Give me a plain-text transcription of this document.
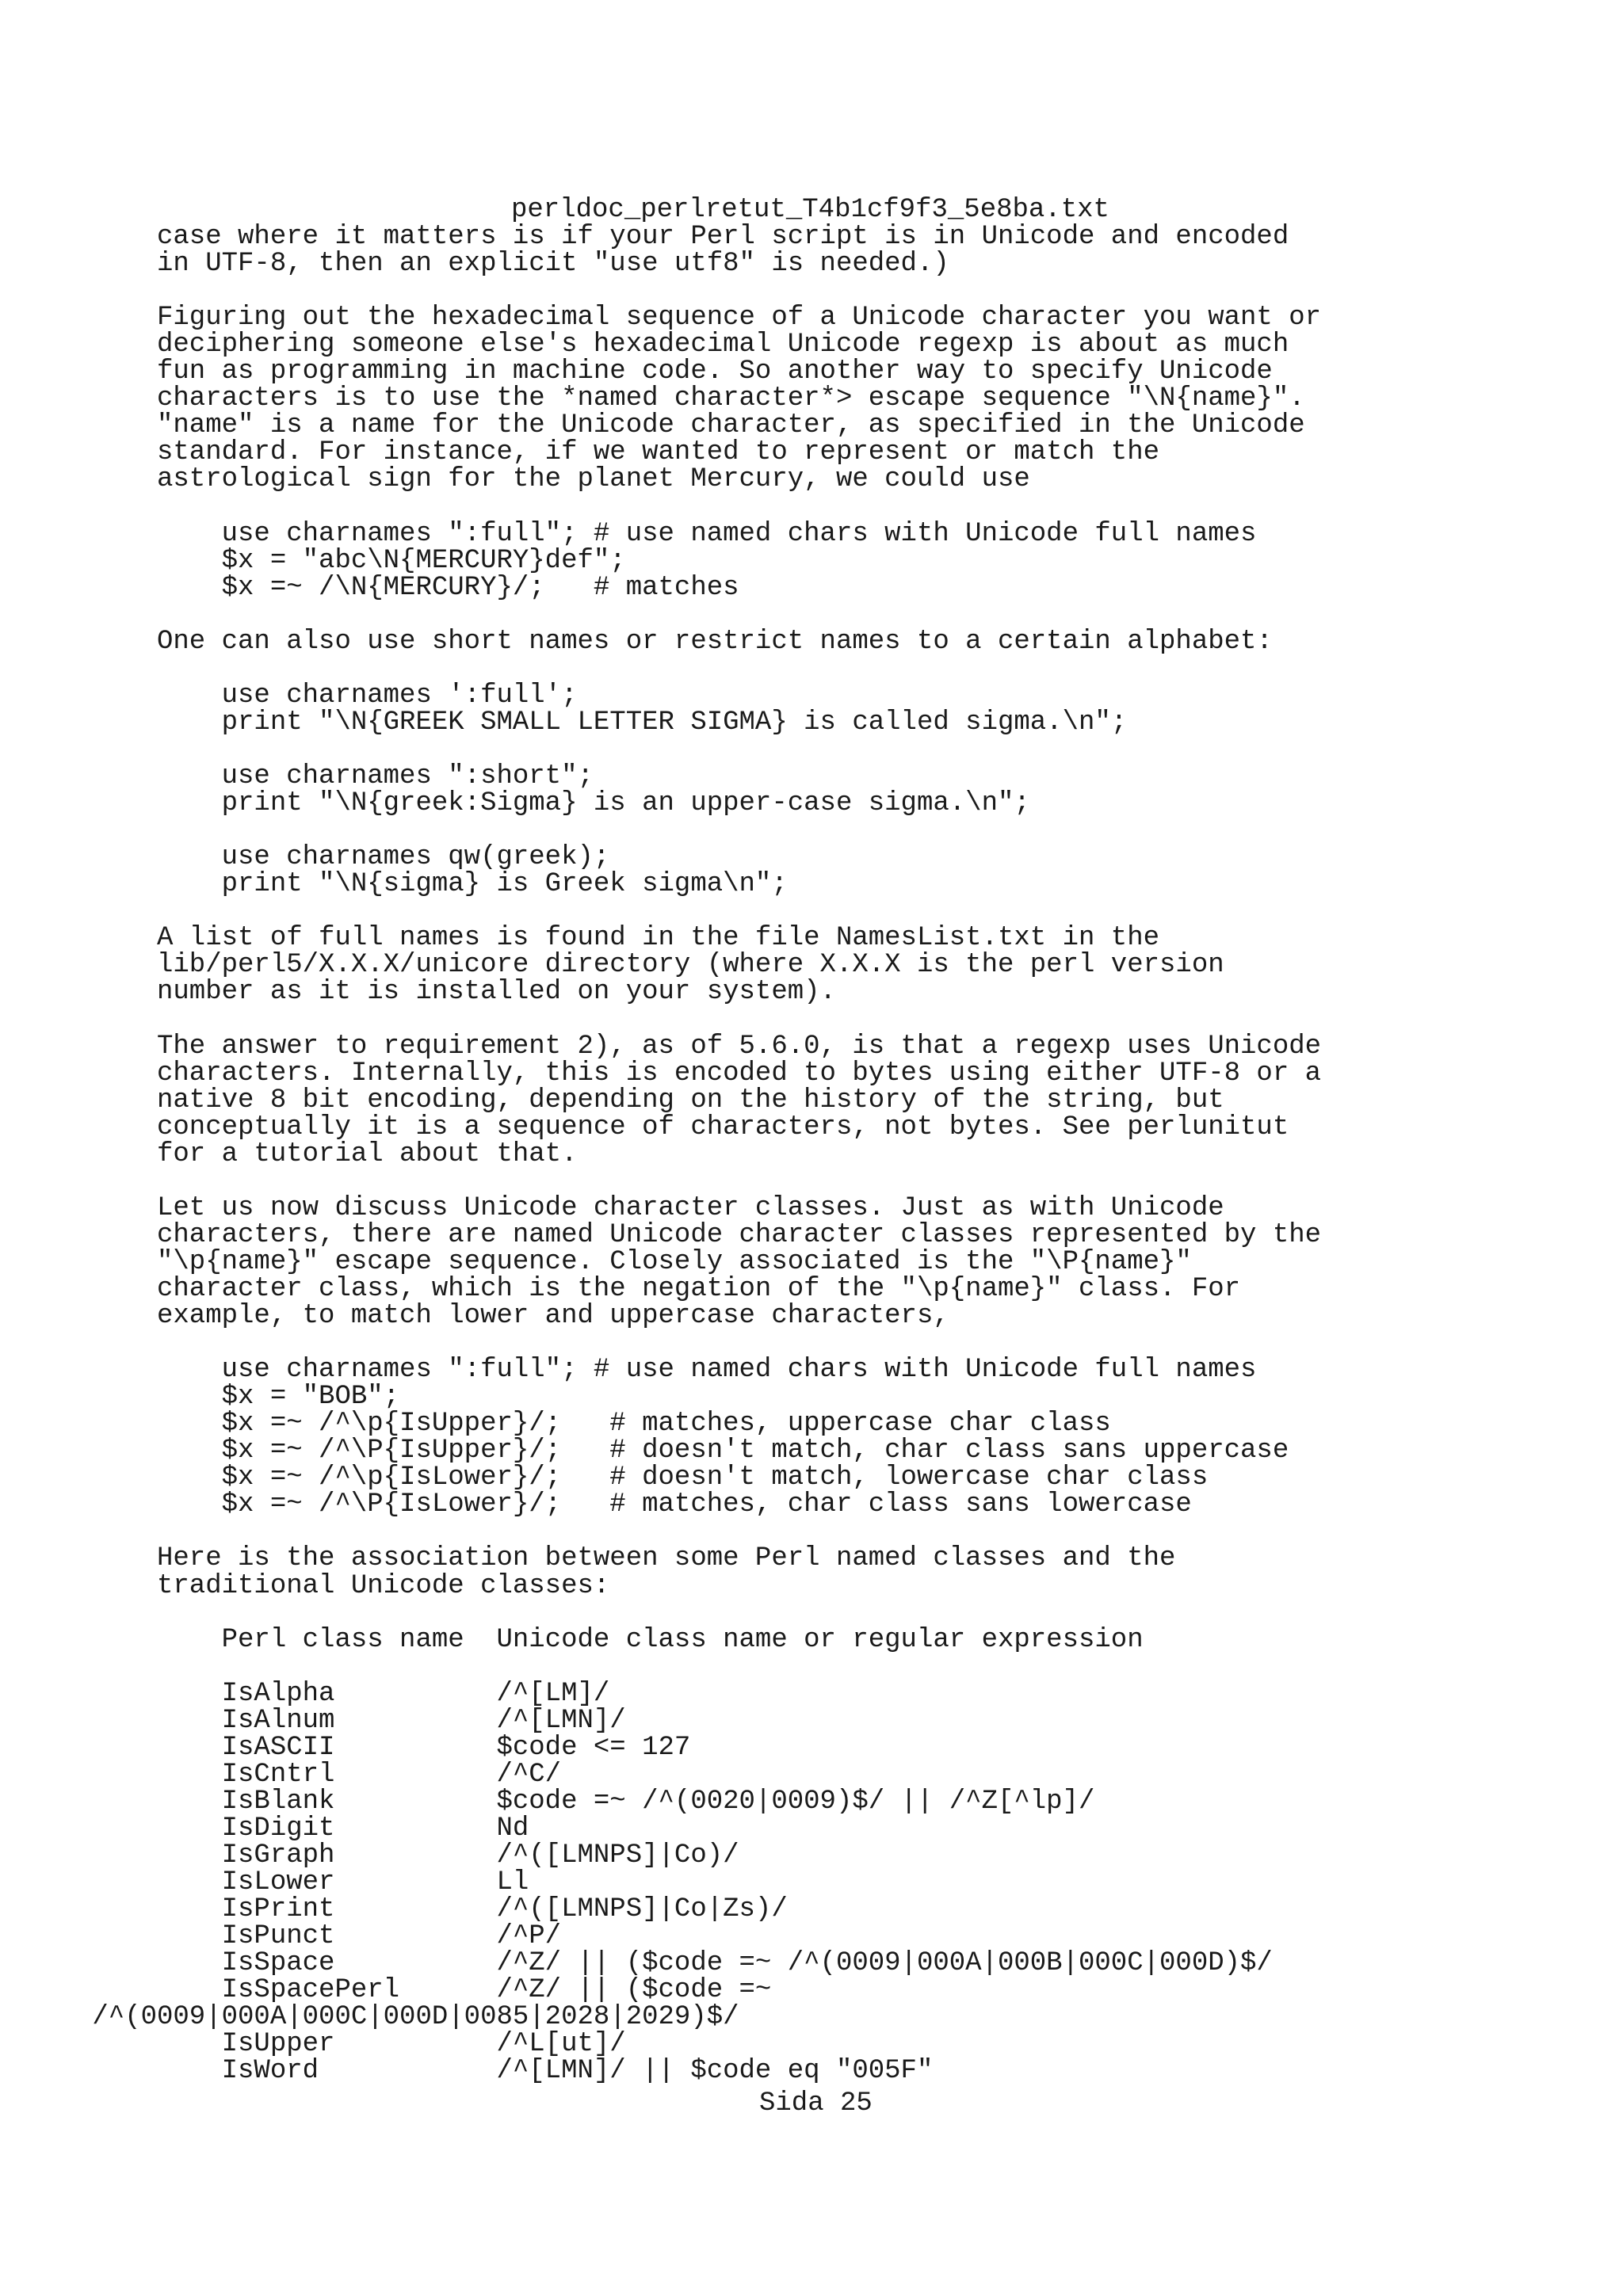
perldoc_perlretut_T4b1cf9f3_5e8ba.txt
case where it matters is if your Perl script is in Unicode and encoded
in UTF-8, then an explicit "use utf8" is needed.)
Figuring out the hexadecimal sequence of a Unicode character you want or
deciphering someone else's hexadecimal Unicode regexp is about as much
fun as programming in machine code. So another way to specify Unicode
characters is to use the *named character*> escape sequence "\N{name}".
"name" is a name for the Unicode character, as specified in the Unicode
standard. For instance, if we wanted to represent or match the
astrological sign for the planet Mercury, we could use
use charnames ":full"; # use named chars with Unicode full names
$x = "abc\N{MERCURY}def";
$x =~ /\N{MERCURY}/;   # matches
One can also use short names or restrict names to a certain alphabet:
use charnames ':full';
print "\N{GREEK SMALL LETTER SIGMA} is called sigma.\n";
use charnames ":short";
print "\N{greek:Sigma} is an upper-case sigma.\n";
use charnames qw(greek);
print "\N{sigma} is Greek sigma\n";
A list of full names is found in the file NamesList.txt in the
lib/perl5/X.X.X/unicore directory (where X.X.X is the perl version
number as it is installed on your system).
The answer to requirement 2), as of 5.6.0, is that a regexp uses Unicode
characters. Internally, this is encoded to bytes using either UTF-8 or a
native 8 bit encoding, depending on the history of the string, but
conceptually it is a sequence of characters, not bytes. See perlunitut
for a tutorial about that.
Let us now discuss Unicode character classes. Just as with Unicode
characters, there are named Unicode character classes represented by the
"\p{name}" escape sequence. Closely associated is the "\P{name}"
character class, which is the negation of the "\p{name}" class. For
example, to match lower and uppercase characters,
use charnames ":full"; # use named chars with Unicode full names
$x = "BOB";
$x =~ /^\p{IsUpper}/;   # matches, uppercase char class
$x =~ /^\P{IsUpper}/;   # doesn't match, char class sans uppercase
$x =~ /^\p{IsLower}/;   # doesn't match, lowercase char class
$x =~ /^\P{IsLower}/;   # matches, char class sans lowercase
Here is the association between some Perl named classes and the
traditional Unicode classes:
Perl class name  Unicode class name or regular expression
IsAlpha          /^[LM]/
IsAlnum          /^[LMN]/
IsASCII          $code <= 127
IsCntrl          /^C/
IsBlank          $code =~ /^(0020|0009)$/ || /^Z[^lp]/
IsDigit          Nd
IsGraph          /^([LMNPS]|Co)/
IsLower          Ll
IsPrint          /^([LMNPS]|Co|Zs)/
IsPunct          /^P/
IsSpace          /^Z/ || ($code =~ /^(0009|000A|000B|000C|000D)$/
IsSpacePerl      /^Z/ || ($code =~
/^(0009|000A|000C|000D|0085|2028|2029)$/
IsUpper          /^L[ut]/
IsWord           /^[LMN]/ || $code eq "005F"
Sida 25
